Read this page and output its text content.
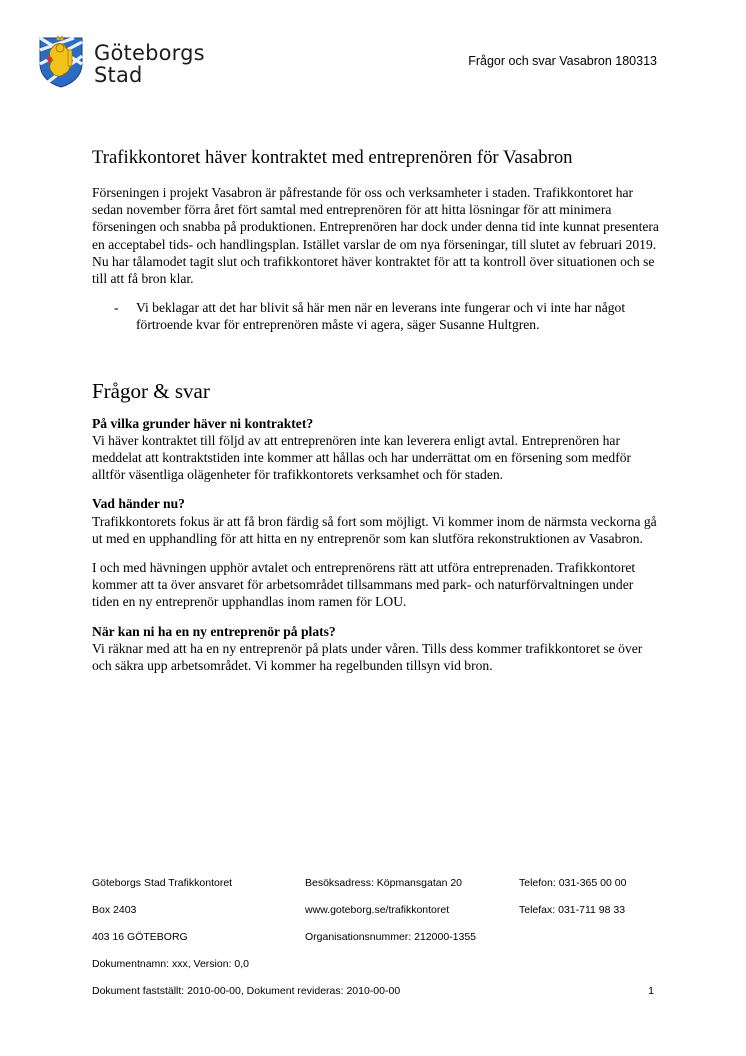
Göteborgs
Stad
Frågor och svar Vasabron 180313
Trafikkontoret häver kontraktet med entreprenören för Vasabron

Förseningen i projekt Vasabron är påfrestande för oss och verksamheter i staden. Trafikkontoret har sedan november förra året fört samtal med entreprenören för att hitta lösningar för att minimera förseningen och snabba på produktionen. Entreprenören har dock under denna tid inte kunnat presentera en acceptabel tids- och handlingsplan. Istället varslar de om nya förseningar, till slutet av februari 2019. Nu har tålamodet tagit slut och trafikkontoret häver kontraktet för att ta kontroll över situationen och se till att få bron klar.

- Vi beklagar att det har blivit så här men när en leverans inte fungerar och vi inte har något förtroende kvar för entreprenören måste vi agera, säger Susanne Hultgren.
Frågor & svar
På vilka grunder häver ni kontraktet?
Vi häver kontraktet till följd av att entreprenören inte kan leverera enligt avtal. Entreprenören har meddelat att kontraktstiden inte kommer att hållas och har underrättat om en försening som medför alltför väsentliga olägenheter för trafikkontorets verksamhet och för staden.
Vad händer nu?
Trafikkontorets fokus är att få bron färdig så fort som möjligt. Vi kommer inom de närmsta veckorna gå ut med en upphandling för att hitta en ny entreprenör som kan slutföra rekonstruktionen av Vasabron.

I och med hävningen upphör avtalet och entreprenörens rätt att utföra entreprenaden. Trafikkontoret kommer att ta över ansvaret för arbetsområdet tillsammans med park- och naturförvaltningen under tiden en ny entreprenör upphandlas inom ramen för LOU.

När kan ni ha en ny entreprenör på plats?
Vi räknar med att ha en ny entreprenör på plats under våren. Tills dess kommer trafikkontoret se över och säkra upp arbetsområdet. Vi kommer ha regelbunden tillsyn vid bron.
Göteborgs Stad Trafikkontoret	Besöksadress: Köpmansgatan 20	Telefon: 031-365 00 00
Box 2403	www.goteborg.se/trafikkontoret	Telefax: 031-711 98 33
403 16 GÖTEBORG	Organisationsnummer: 212000-1355
Dokumentnamn: xxx, Version: 0,0
Dokument fastställt: 2010-00-00, Dokument revideras: 2010-00-00	1
